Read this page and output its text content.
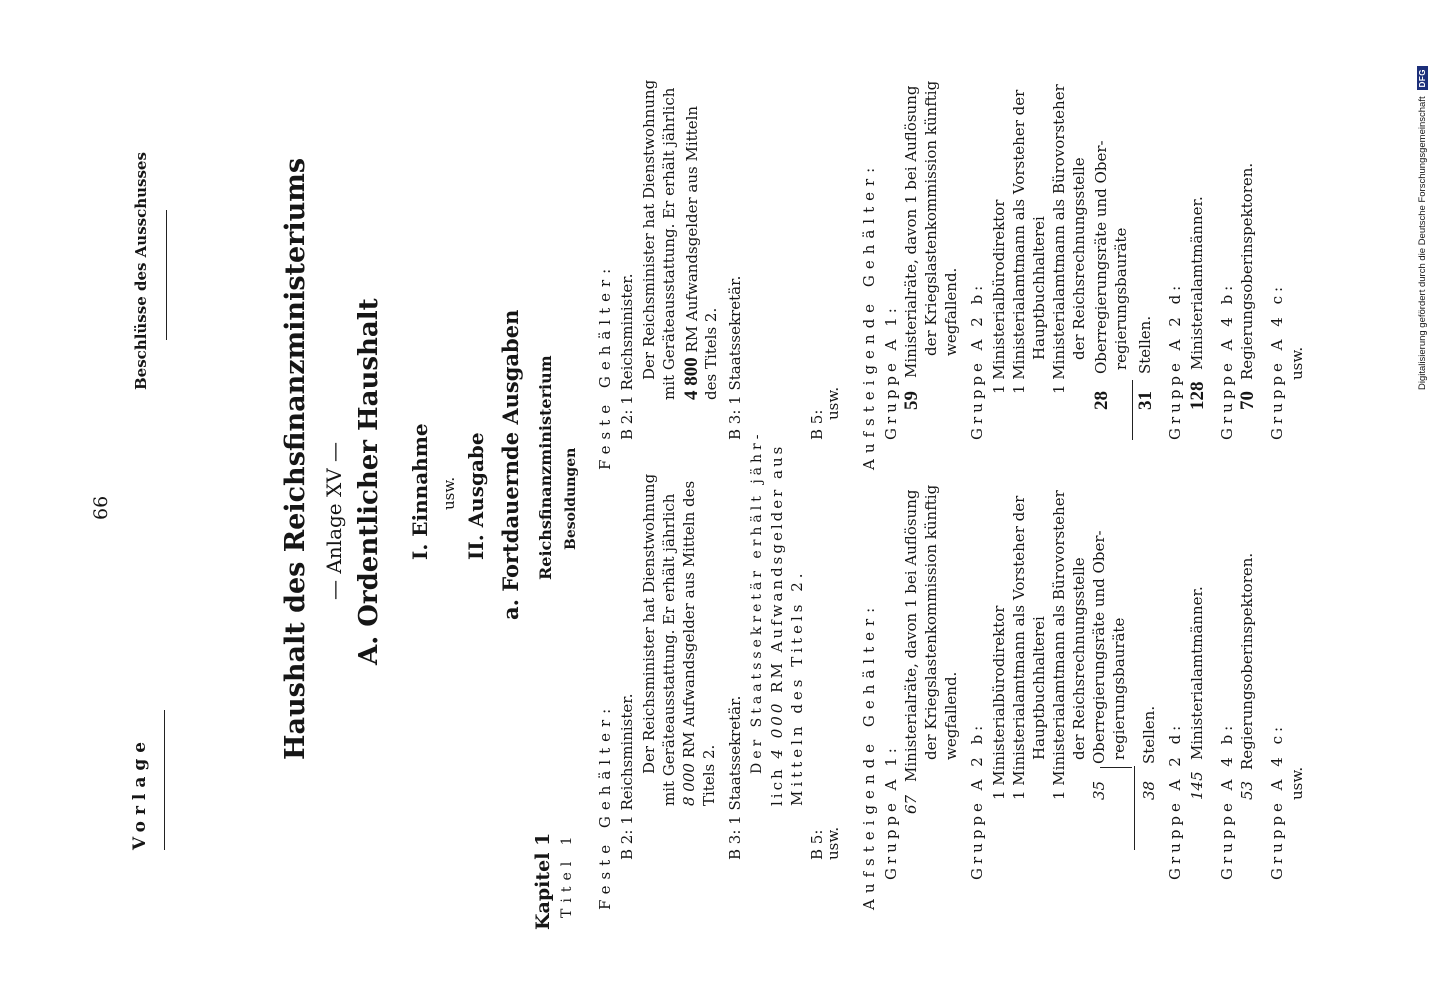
Vorlage
66
Beschlüsse des Ausschusses	Haushalt des Reichsfinanzministeriums — Anlage XV — A. Ordentlicher Haushalt I. Einnahme usw. II. Ausgabe a. Fortdauernde Ausgaben Reichsfinanzministerium Besoldungen
Kapitel 1 Titel 1 Feste Gehälter: B 2: 1 Reichsminister.
Der Reichsminister hat Dienstwohnung mit Geräteausstattung. Er erhält jährlich 8 000 RM Aufwandsgelder aus Mitteln des
Titels 2. B 3: 1 Staatssekretär.
Der Staatssekretär erhält jähr-
lich 4 000 RM Aufwandsgelder aus Mitteln des Titels 2.
B 5:
usw. Aufsteigende Gehälter: Gruppe A 1: 67
Ministerialräte, davon 1 bei Auflösung der Kriegslastenkommission künftig wegfallend.
Gruppe A 2 b:
1 Ministerialbürodirektor 1 Ministerialamtmann als Vorsteher der Hauptbuchhalterei 1 Ministerialamtmann als Bürovorsteher der Reichsrechnungsstelle
35
Oberregierungsräte und Ober- regierungsbauräte
38
Stellen. Gruppe A 2 d: 145
Ministerialamtmänner.
Gruppe A 4 b: 53
Regierungsoberinspektoren.
Gruppe A 4 c: usw.
Feste Gehälter: B 2: 1 Reichsminister. Der Reichsminister hat Dienstwohnung mit Geräteausstattung. Er erhält jährlich 4 800 RM Aufwandsgelder aus Mitteln des Titels 2. B 3: 1 Staatssekretär.	usw.
B 5: Aufsteigende Gehälter: Gruppe A 1: 59
Ministerialräte, davon 1 bei Auflösung der Kriegslastenkommission künftig wegfallend. Gruppe A 2 b: 1 Ministerialbürodirektor 1 Ministerialamtmann als Vorsteher der Hauptbuchhalterei 1 Ministerialamtmann als Bürovorsteher der Reichsrechnungsstelle
28
Oberregierungsräte und Ober- regierungsbauräte
31
Stellen. Gruppe A 2 d: 128
Ministerialamtmänner. Gruppe A 4 b: 70
Regierungsoberinspektoren. Gruppe A 4 c: usw.	Digitalisierung gefördert durch die Deutsche Forschungsgemeinschaft
DFG
